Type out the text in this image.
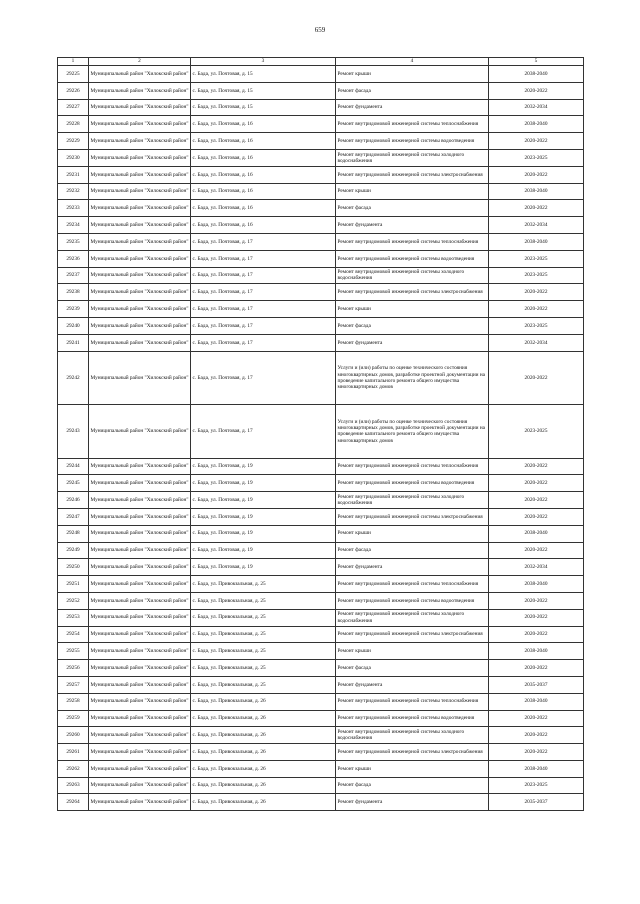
659
1	2	3	4	5
29225	Муниципальный район "Хилокский район"	с. Бада, ул. Почтовая, д. 15	Ремонт крыши	2038-2040
29226	Муниципальный район "Хилокский район"	с. Бада, ул. Почтовая, д. 15	Ремонт фасада	2020-2022
29227	Муниципальный район "Хилокский район"	с. Бада, ул. Почтовая, д. 15	Ремонт фундамента	2032-2034
29228	Муниципальный район "Хилокский район"	с. Бада, ул. Почтовая, д. 16	Ремонт внутридомовой инженерной системы теплоснабжения	2038-2040
29229	Муниципальный район "Хилокский район"	с. Бада, ул. Почтовая, д. 16	Ремонт внутридомовой инженерной системы водоотведения	2020-2022
29230	Муниципальный район "Хилокский район"	с. Бада, ул. Почтовая, д. 16	Ремонт внутридомовой инженерной системы холодного водоснабжения	2023-2025
29231	Муниципальный район "Хилокский район"	с. Бада, ул. Почтовая, д. 16	Ремонт внутридомовой инженерной системы электроснабжения	2020-2022
29232	Муниципальный район "Хилокский район"	с. Бада, ул. Почтовая, д. 16	Ремонт крыши	2038-2040
29233	Муниципальный район "Хилокский район"	с. Бада, ул. Почтовая, д. 16	Ремонт фасада	2020-2022
29234	Муниципальный район "Хилокский район"	с. Бада, ул. Почтовая, д. 16	Ремонт фундамента	2032-2034
29235	Муниципальный район "Хилокский район"	с. Бада, ул. Почтовая, д. 17	Ремонт внутридомовой инженерной системы теплоснабжения	2038-2040
29236	Муниципальный район "Хилокский район"	с. Бада, ул. Почтовая, д. 17	Ремонт внутридомовой инженерной системы водоотведения	2023-2025
29237	Муниципальный район "Хилокский район"	с. Бада, ул. Почтовая, д. 17	Ремонт внутридомовой инженерной системы холодного водоснабжения	2023-2025
29238	Муниципальный район "Хилокский район"	с. Бада, ул. Почтовая, д. 17	Ремонт внутридомовой инженерной системы электроснабжения	2020-2022
29239	Муниципальный район "Хилокский район"	с. Бада, ул. Почтовая, д. 17	Ремонт крыши	2020-2022
29240	Муниципальный район "Хилокский район"	с. Бада, ул. Почтовая, д. 17	Ремонт фасада	2023-2025
29241	Муниципальный район "Хилокский район"	с. Бада, ул. Почтовая, д. 17	Ремонт фундамента	2032-2034
29242	Муниципальный район "Хилокский район"	с. Бада, ул. Почтовая, д. 17	Услуги и (или) работы по оценке технического состояния многоквартирных домов, разработке проектной документации на проведение капитального ремонта общего имущества многоквартирных домов	2020-2022
29243	Муниципальный район "Хилокский район"	с. Бада, ул. Почтовая, д. 17	Услуги и (или) работы по оценке технического состояния многоквартирных домов, разработке проектной документации на проведение капитального ремонта общего имущества многоквартирных домов	2023-2025
29244	Муниципальный район "Хилокский район"	с. Бада, ул. Почтовая, д. 19	Ремонт внутридомовой инженерной системы теплоснабжения	2020-2022
29245	Муниципальный район "Хилокский район"	с. Бада, ул. Почтовая, д. 19	Ремонт внутридомовой инженерной системы водоотведения	2020-2022
29246	Муниципальный район "Хилокский район"	с. Бада, ул. Почтовая, д. 19	Ремонт внутридомовой инженерной системы холодного водоснабжения	2020-2022
29247	Муниципальный район "Хилокский район"	с. Бада, ул. Почтовая, д. 19	Ремонт внутридомовой инженерной системы электроснабжения	2020-2022
29248	Муниципальный район "Хилокский район"	с. Бада, ул. Почтовая, д. 19	Ремонт крыши	2038-2040
29249	Муниципальный район "Хилокский район"	с. Бада, ул. Почтовая, д. 19	Ремонт фасада	2020-2022
29250	Муниципальный район "Хилокский район"	с. Бада, ул. Почтовая, д. 19	Ремонт фундамента	2032-2034
29251	Муниципальный район "Хилокский район"	с. Бада, ул. Привокзальная, д. 25	Ремонт внутридомовой инженерной системы теплоснабжения	2038-2040
29252	Муниципальный район "Хилокский район"	с. Бада, ул. Привокзальная, д. 25	Ремонт внутридомовой инженерной системы водоотведения	2020-2022
29253	Муниципальный район "Хилокский район"	с. Бада, ул. Привокзальная, д. 25	Ремонт внутридомовой инженерной системы холодного водоснабжения	2020-2022
29254	Муниципальный район "Хилокский район"	с. Бада, ул. Привокзальная, д. 25	Ремонт внутридомовой инженерной системы электроснабжения	2020-2022
29255	Муниципальный район "Хилокский район"	с. Бада, ул. Привокзальная, д. 25	Ремонт крыши	2038-2040
29256	Муниципальный район "Хилокский район"	с. Бада, ул. Привокзальная, д. 25	Ремонт фасада	2020-2022
29257	Муниципальный район "Хилокский район"	с. Бада, ул. Привокзальная, д. 25	Ремонт фундамента	2035-2037
29258	Муниципальный район "Хилокский район"	с. Бада, ул. Привокзальная, д. 26	Ремонт внутридомовой инженерной системы теплоснабжения	2038-2040
29259	Муниципальный район "Хилокский район"	с. Бада, ул. Привокзальная, д. 26	Ремонт внутридомовой инженерной системы водоотведения	2020-2022
29260	Муниципальный район "Хилокский район"	с. Бада, ул. Привокзальная, д. 26	Ремонт внутридомовой инженерной системы холодного водоснабжения	2020-2022
29261	Муниципальный район "Хилокский район"	с. Бада, ул. Привокзальная, д. 26	Ремонт внутридомовой инженерной системы электроснабжения	2020-2022
29262	Муниципальный район "Хилокский район"	с. Бада, ул. Привокзальная, д. 26	Ремонт крыши	2038-2040
29263	Муниципальный район "Хилокский район"	с. Бада, ул. Привокзальная, д. 26	Ремонт фасада	2023-2025
29264	Муниципальный район "Хилокский район"	с. Бада, ул. Привокзальная, д. 26	Ремонт фундамента	2035-2037
